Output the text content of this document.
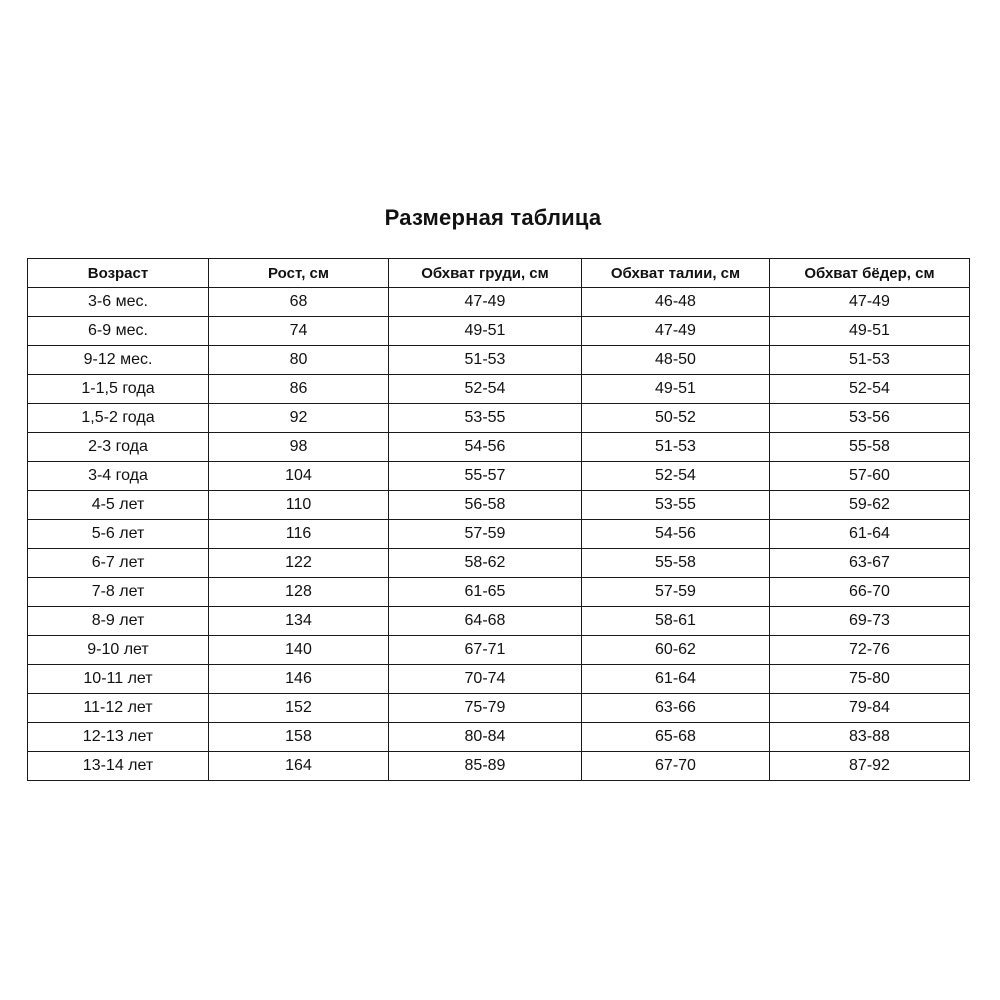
Размерная таблица
Возраст	Рост, см	Обхват груди, см	Обхват талии, см	Обхват бёдер, см
3-6 мес.	68	47-49	46-48	47-49
6-9 мес.	74	49-51	47-49	49-51
9-12 мес.	80	51-53	48-50	51-53
1-1,5 года	86	52-54	49-51	52-54
1,5-2 года	92	53-55	50-52	53-56
2-3 года	98	54-56	51-53	55-58
3-4 года	104	55-57	52-54	57-60
4-5 лет	110	56-58	53-55	59-62
5-6 лет	116	57-59	54-56	61-64
6-7 лет	122	58-62	55-58	63-67
7-8 лет	128	61-65	57-59	66-70
8-9 лет	134	64-68	58-61	69-73
9-10 лет	140	67-71	60-62	72-76
10-11 лет	146	70-74	61-64	75-80
11-12 лет	152	75-79	63-66	79-84
12-13 лет	158	80-84	65-68	83-88
13-14 лет	164	85-89	67-70	87-92
